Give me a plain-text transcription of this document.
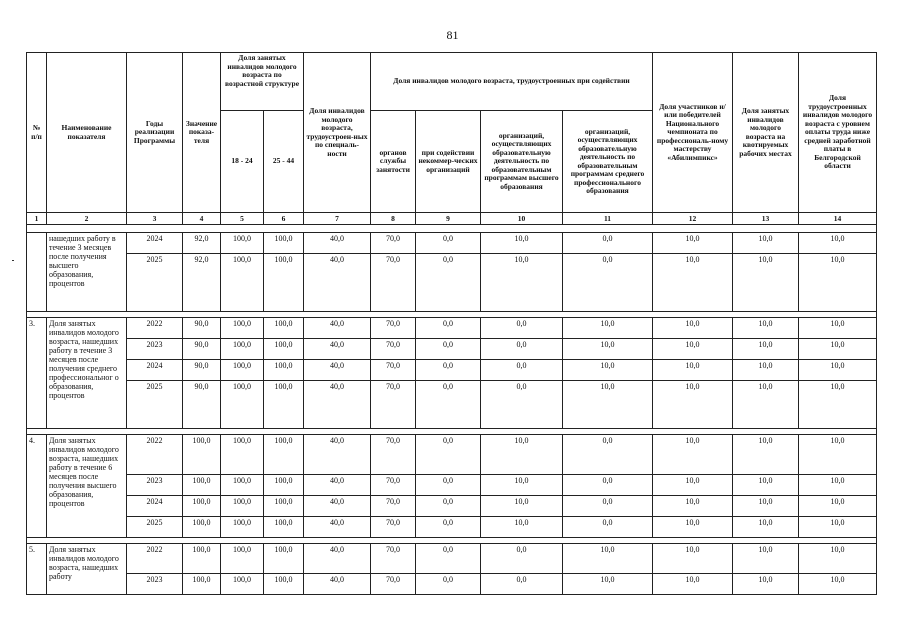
81
№ п/п	Наименование показателя	Годы реализации Программы	Значение показа-теля	Доля занятых инвалидов молодого возраста по возрастной структуре		Доля инвалидов молодого возраста, трудоустроен-ных по специаль-ности	Доля инвалидов молодого возраста, трудоустроенных при содействии				Доля участников и/или победителей Национального чемпионата по профессиональ-ному мастерству «Абилимпикс»	Доля занятых инвалидов молодого возраста на квотируемых рабочих местах	Доля трудоустроенных инвалидов молодого возраста с уровнем оплаты труда ниже средней заработной платы в Белгородской области
				18 - 24	25 - 44		органов службы занятости	при содействии некоммер-ческих организаций	организаций, осуществляющих образовательную деятельность по образовательным программам высшего образования	организаций, осуществляющих образовательную деятельность по образовательным программам среднего профессионального образования			
1	2	3	4	5	6	7	8	9	10	11	12	13	14

	нашедших работу в течение 3 месяцев после получения высшего образования, процентов	2024	92,0	100,0	100,0	40,0	70,0	0,0	10,0	0,0	10,0	10,0	10,0
		2025	92,0	100,0	100,0	40,0	70,0	0,0	10,0	0,0	10,0	10,0	10,0

3.	Доля занятых инвалидов молодого возраста, нашедших работу в течение 3 месяцев после получения среднего профессиональног о образования, процентов	2022	90,0	100,0	100,0	40,0	70,0	0,0	0,0	10,0	10,0	10,0	10,0
		2023	90,0	100,0	100,0	40,0	70,0	0,0	0,0	10,0	10,0	10,0	10,0
		2024	90,0	100,0	100,0	40,0	70,0	0,0	0,0	10,0	10,0	10,0	10,0
		2025	90,0	100,0	100,0	40,0	70,0	0,0	0,0	10,0	10,0	10,0	10,0

4.	Доля занятых инвалидов молодого возраста, нашедших работу в течение 6 месяцев после получения высшего образования, процентов	2022	100,0	100,0	100,0	40,0	70,0	0,0	10,0	0,0	10,0	10,0	10,0
		2023	100,0	100,0	100,0	40,0	70,0	0,0	10,0	0,0	10,0	10,0	10,0
		2024	100,0	100,0	100,0	40,0	70,0	0,0	10,0	0,0	10,0	10,0	10,0
		2025	100,0	100,0	100,0	40,0	70,0	0,0	10,0	0,0	10,0	10,0	10,0

5.	Доля занятых инвалидов молодого возраста, нашедших работу	2022	100,0	100,0	100,0	40,0	70,0	0,0	0,0	10,0	10,0	10,0	10,0
		2023	100,0	100,0	100,0	40,0	70,0	0,0	0,0	10,0	10,0	10,0	10,0
